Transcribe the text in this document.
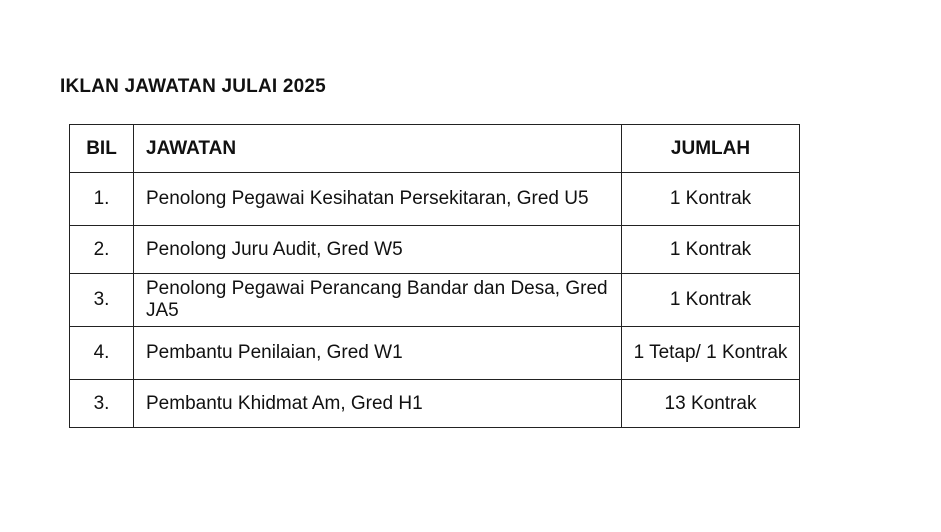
IKLAN JAWATAN JULAI 2025
BIL	JAWATAN	JUMLAH
1.	Penolong Pegawai Kesihatan Persekitaran, Gred U5	1 Kontrak
2.	Penolong Juru Audit, Gred W5	1 Kontrak
3.	Penolong Pegawai Perancang Bandar dan Desa, Gred JA5	1 Kontrak
4.	Pembantu Penilaian, Gred W1	1 Tetap/ 1 Kontrak
3.	Pembantu Khidmat Am, Gred H1	13 Kontrak
